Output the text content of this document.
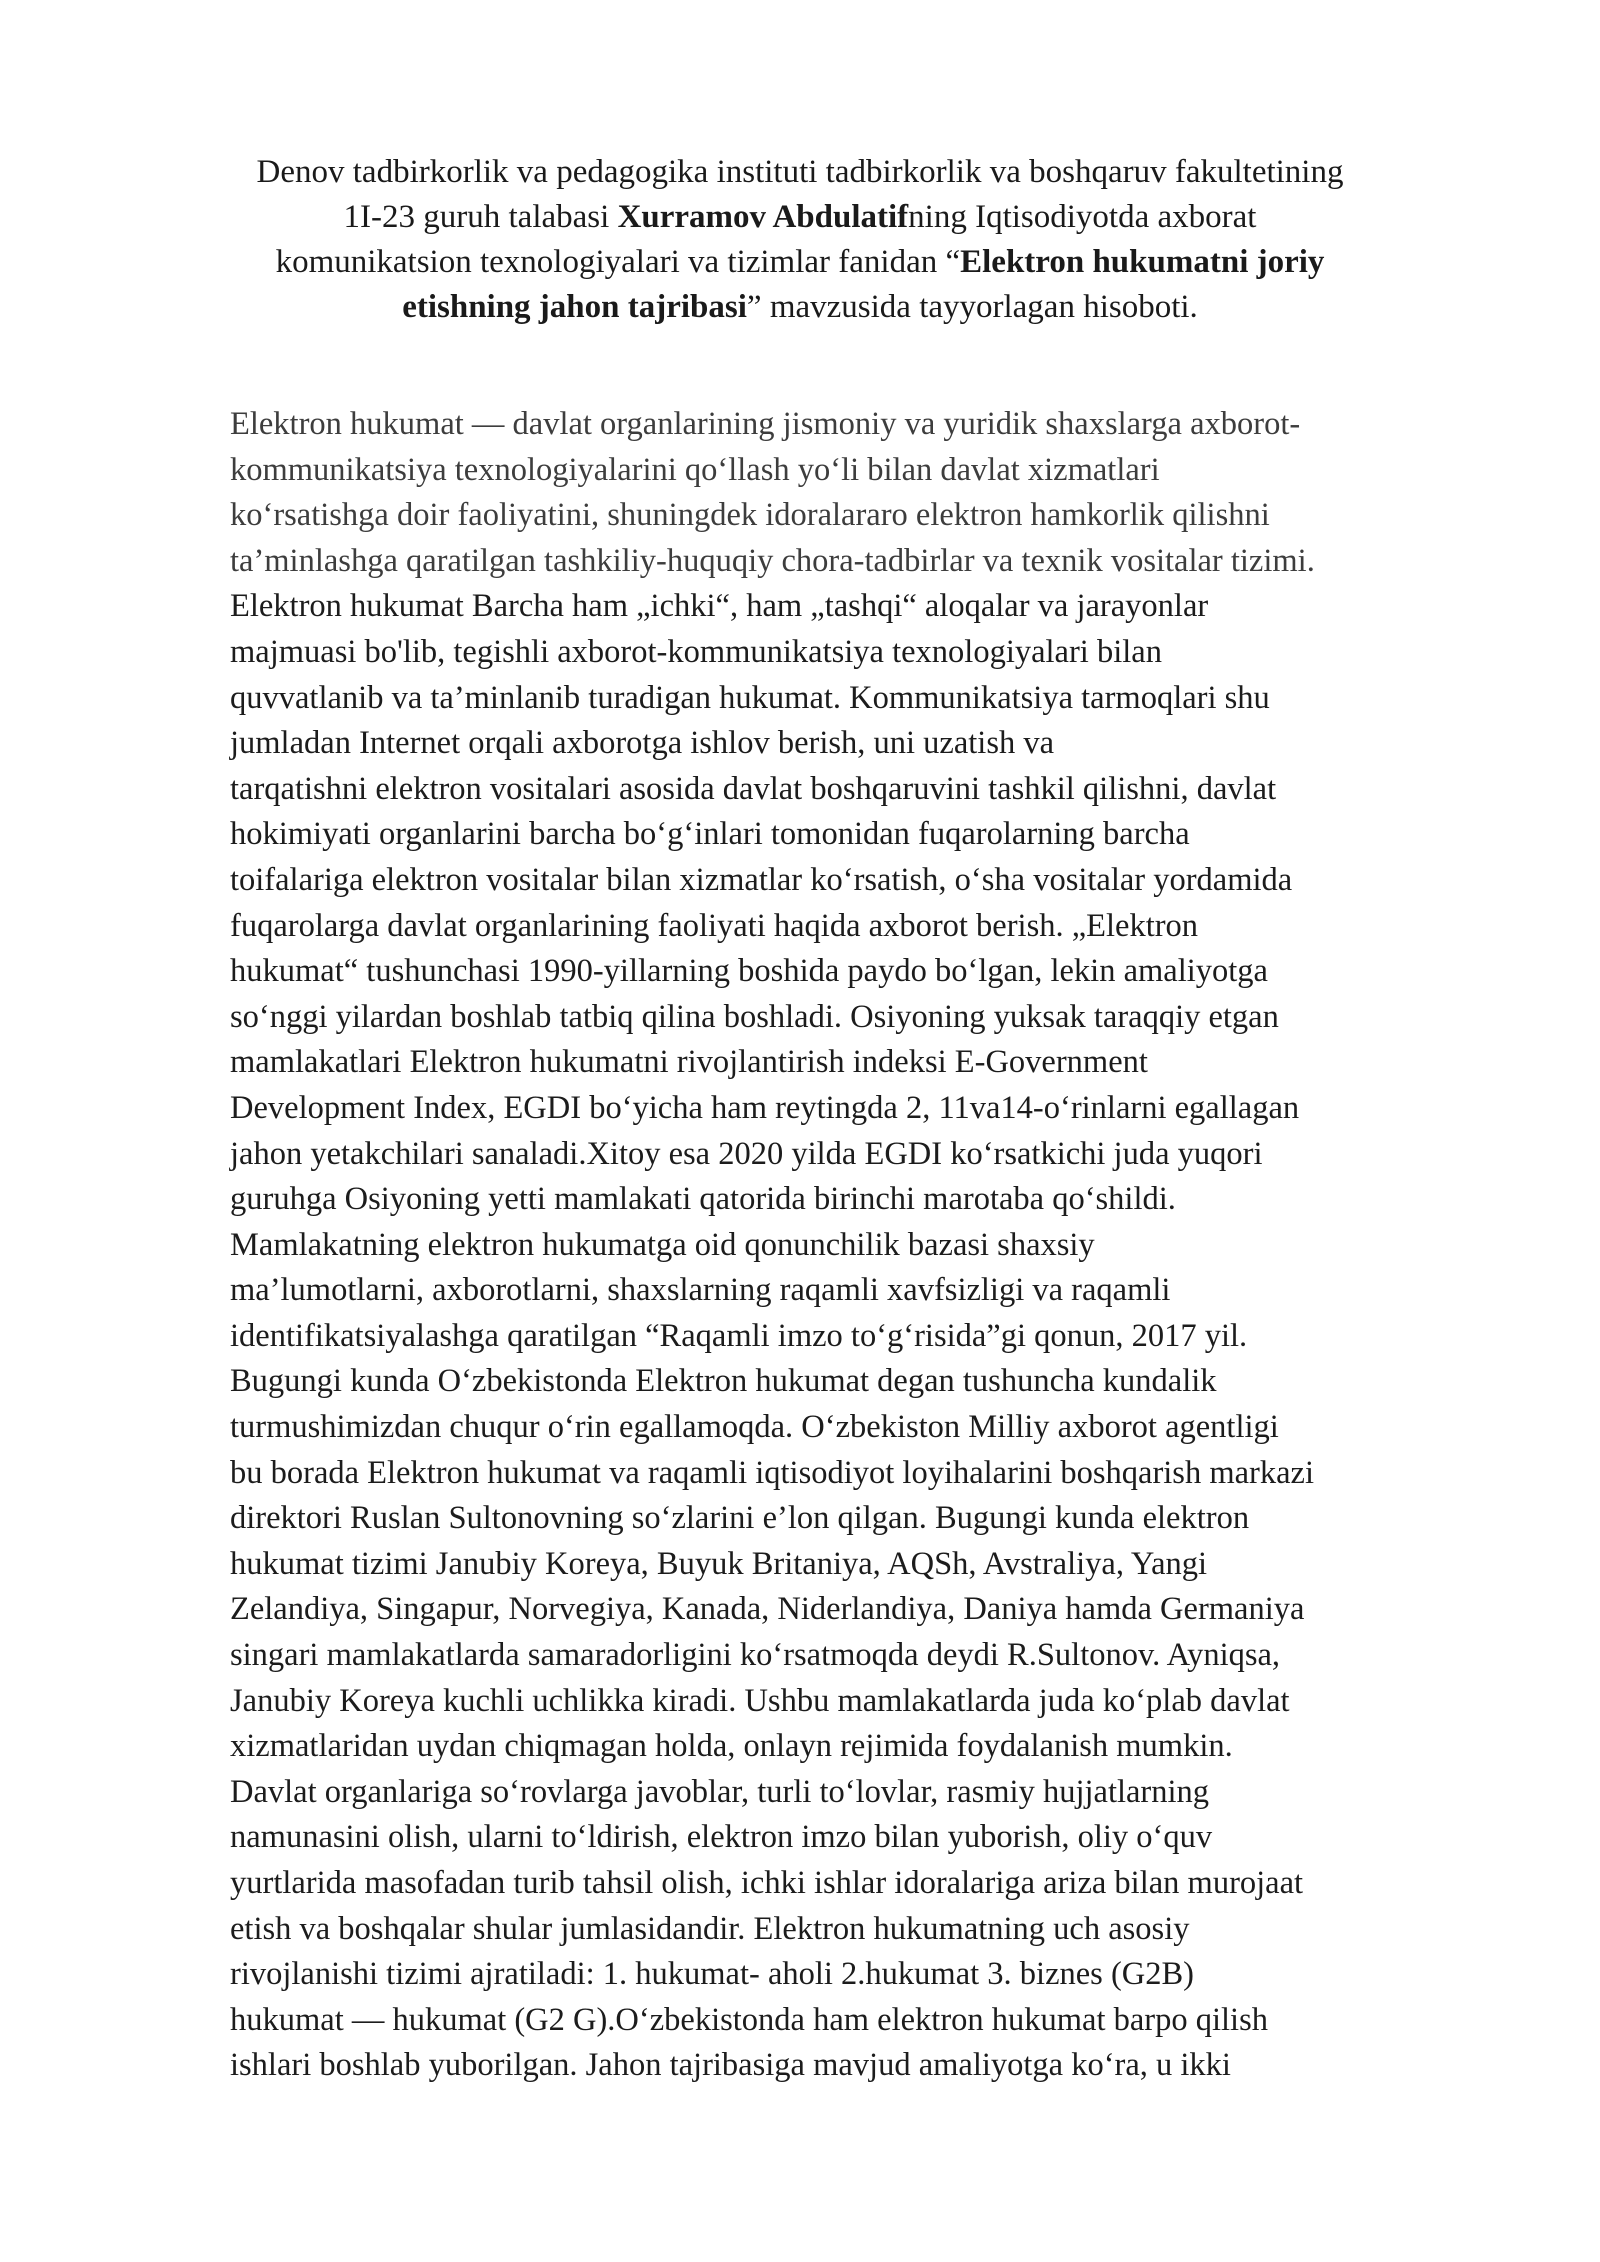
Denov tadbirkorlik va pedagogika instituti tadbirkorlik va boshqaruv fakultetining
1I-23 guruh talabasi Xurramov Abdulatifning Iqtisodiyotda axborat
komunikatsion texnologiyalari va tizimlar fanidan “Elektron hukumatni joriy
etishning jahon tajribasi” mavzusida tayyorlagan hisoboti.
Elektron hukumat — davlat organlarining jismoniy va yuridik shaxslarga axborot-
kommunikatsiya texnologiyalarini qo‘llash yo‘li bilan davlat xizmatlari
ko‘rsatishga doir faoliyatini, shuningdek idoralararo elektron hamkorlik qilishni
ta’minlashga qaratilgan tashkiliy-huquqiy chora-tadbirlar va texnik vositalar tizimi.
Elektron hukumat Barcha ham „ichki“, ham „tashqi“ aloqalar va jarayonlar
majmuasi bo'lib, tegishli axborot-kommunikatsiya texnologiyalari bilan
quvvatlanib va ta’minlanib turadigan hukumat. Kommunikatsiya tarmoqlari shu
jumladan Internet orqali axborotga ishlov berish, uni uzatish va
tarqatishni elektron vositalari asosida davlat boshqaruvini tashkil qilishni, davlat
hokimiyati organlarini barcha bo‘g‘inlari tomonidan fuqarolarning barcha
toifalariga elektron vositalar bilan xizmatlar ko‘rsatish, o‘sha vositalar yordamida
fuqarolarga davlat organlarining faoliyati haqida axborot berish. „Elektron
hukumat“ tushunchasi 1990-yillarning boshida paydo bo‘lgan, lekin amaliyotga
so‘nggi yilardan boshlab tatbiq qilina boshladi. Osiyoning yuksak taraqqiy etgan
mamlakatlari Elektron hukumatni rivojlantirish indeksi E-Government
Development Index, EGDI bo‘yicha ham reytingda 2, 11va14-o‘rinlarni egallagan
jahon yetakchilari sanaladi.Xitoy esa 2020 yilda EGDI ko‘rsatkichi juda yuqori
guruhga Osiyoning yetti mamlakati qatorida birinchi marotaba qo‘shildi.
Mamlakatning elektron hukumatga oid qonunchilik bazasi shaxsiy
ma’lumotlarni, axborotlarni, shaxslarning raqamli xavfsizligi va raqamli
identifikatsiyalashga qaratilgan “Raqamli imzo to‘g‘risida”gi qonun, 2017 yil.
Bugungi kunda O‘zbekistonda Elektron hukumat degan tushuncha kundalik
turmushimizdan chuqur o‘rin egallamoqda. O‘zbekiston Milliy axborot agentligi
bu borada Elektron hukumat va raqamli iqtisodiyot loyihalarini boshqarish markazi
direktori Ruslan Sultonovning so‘zlarini e’lon qilgan. Bugungi kunda elektron
hukumat tizimi Janubiy Koreya, Buyuk Britaniya, AQSh, Avstraliya, Yangi
Zelandiya, Singapur, Norvegiya, Kanada, Niderlandiya, Daniya hamda Germaniya
singari mamlakatlarda samaradorligini ko‘rsatmoqda deydi R.Sultonov. Ayniqsa,
Janubiy Koreya kuchli uchlikka kiradi. Ushbu mamlakatlarda juda ko‘plab davlat
xizmatlaridan uydan chiqmagan holda, onlayn rejimida foydalanish mumkin.
Davlat organlariga so‘rovlarga javoblar, turli to‘lovlar, rasmiy hujjatlarning
namunasini olish, ularni to‘ldirish, elektron imzo bilan yuborish, oliy o‘quv
yurtlarida masofadan turib tahsil olish, ichki ishlar idoralariga ariza bilan murojaat
etish va boshqalar shular jumlasidandir. Elektron hukumatning uch asosiy
rivojlanishi tizimi ajratiladi: 1. hukumat- aholi 2.hukumat 3. biznes (G2B)
hukumat — hukumat (G2 G).O‘zbekistonda ham elektron hukumat barpo qilish
ishlari boshlab yuborilgan. Jahon tajribasiga mavjud amaliyotga ko‘ra, u ikki
